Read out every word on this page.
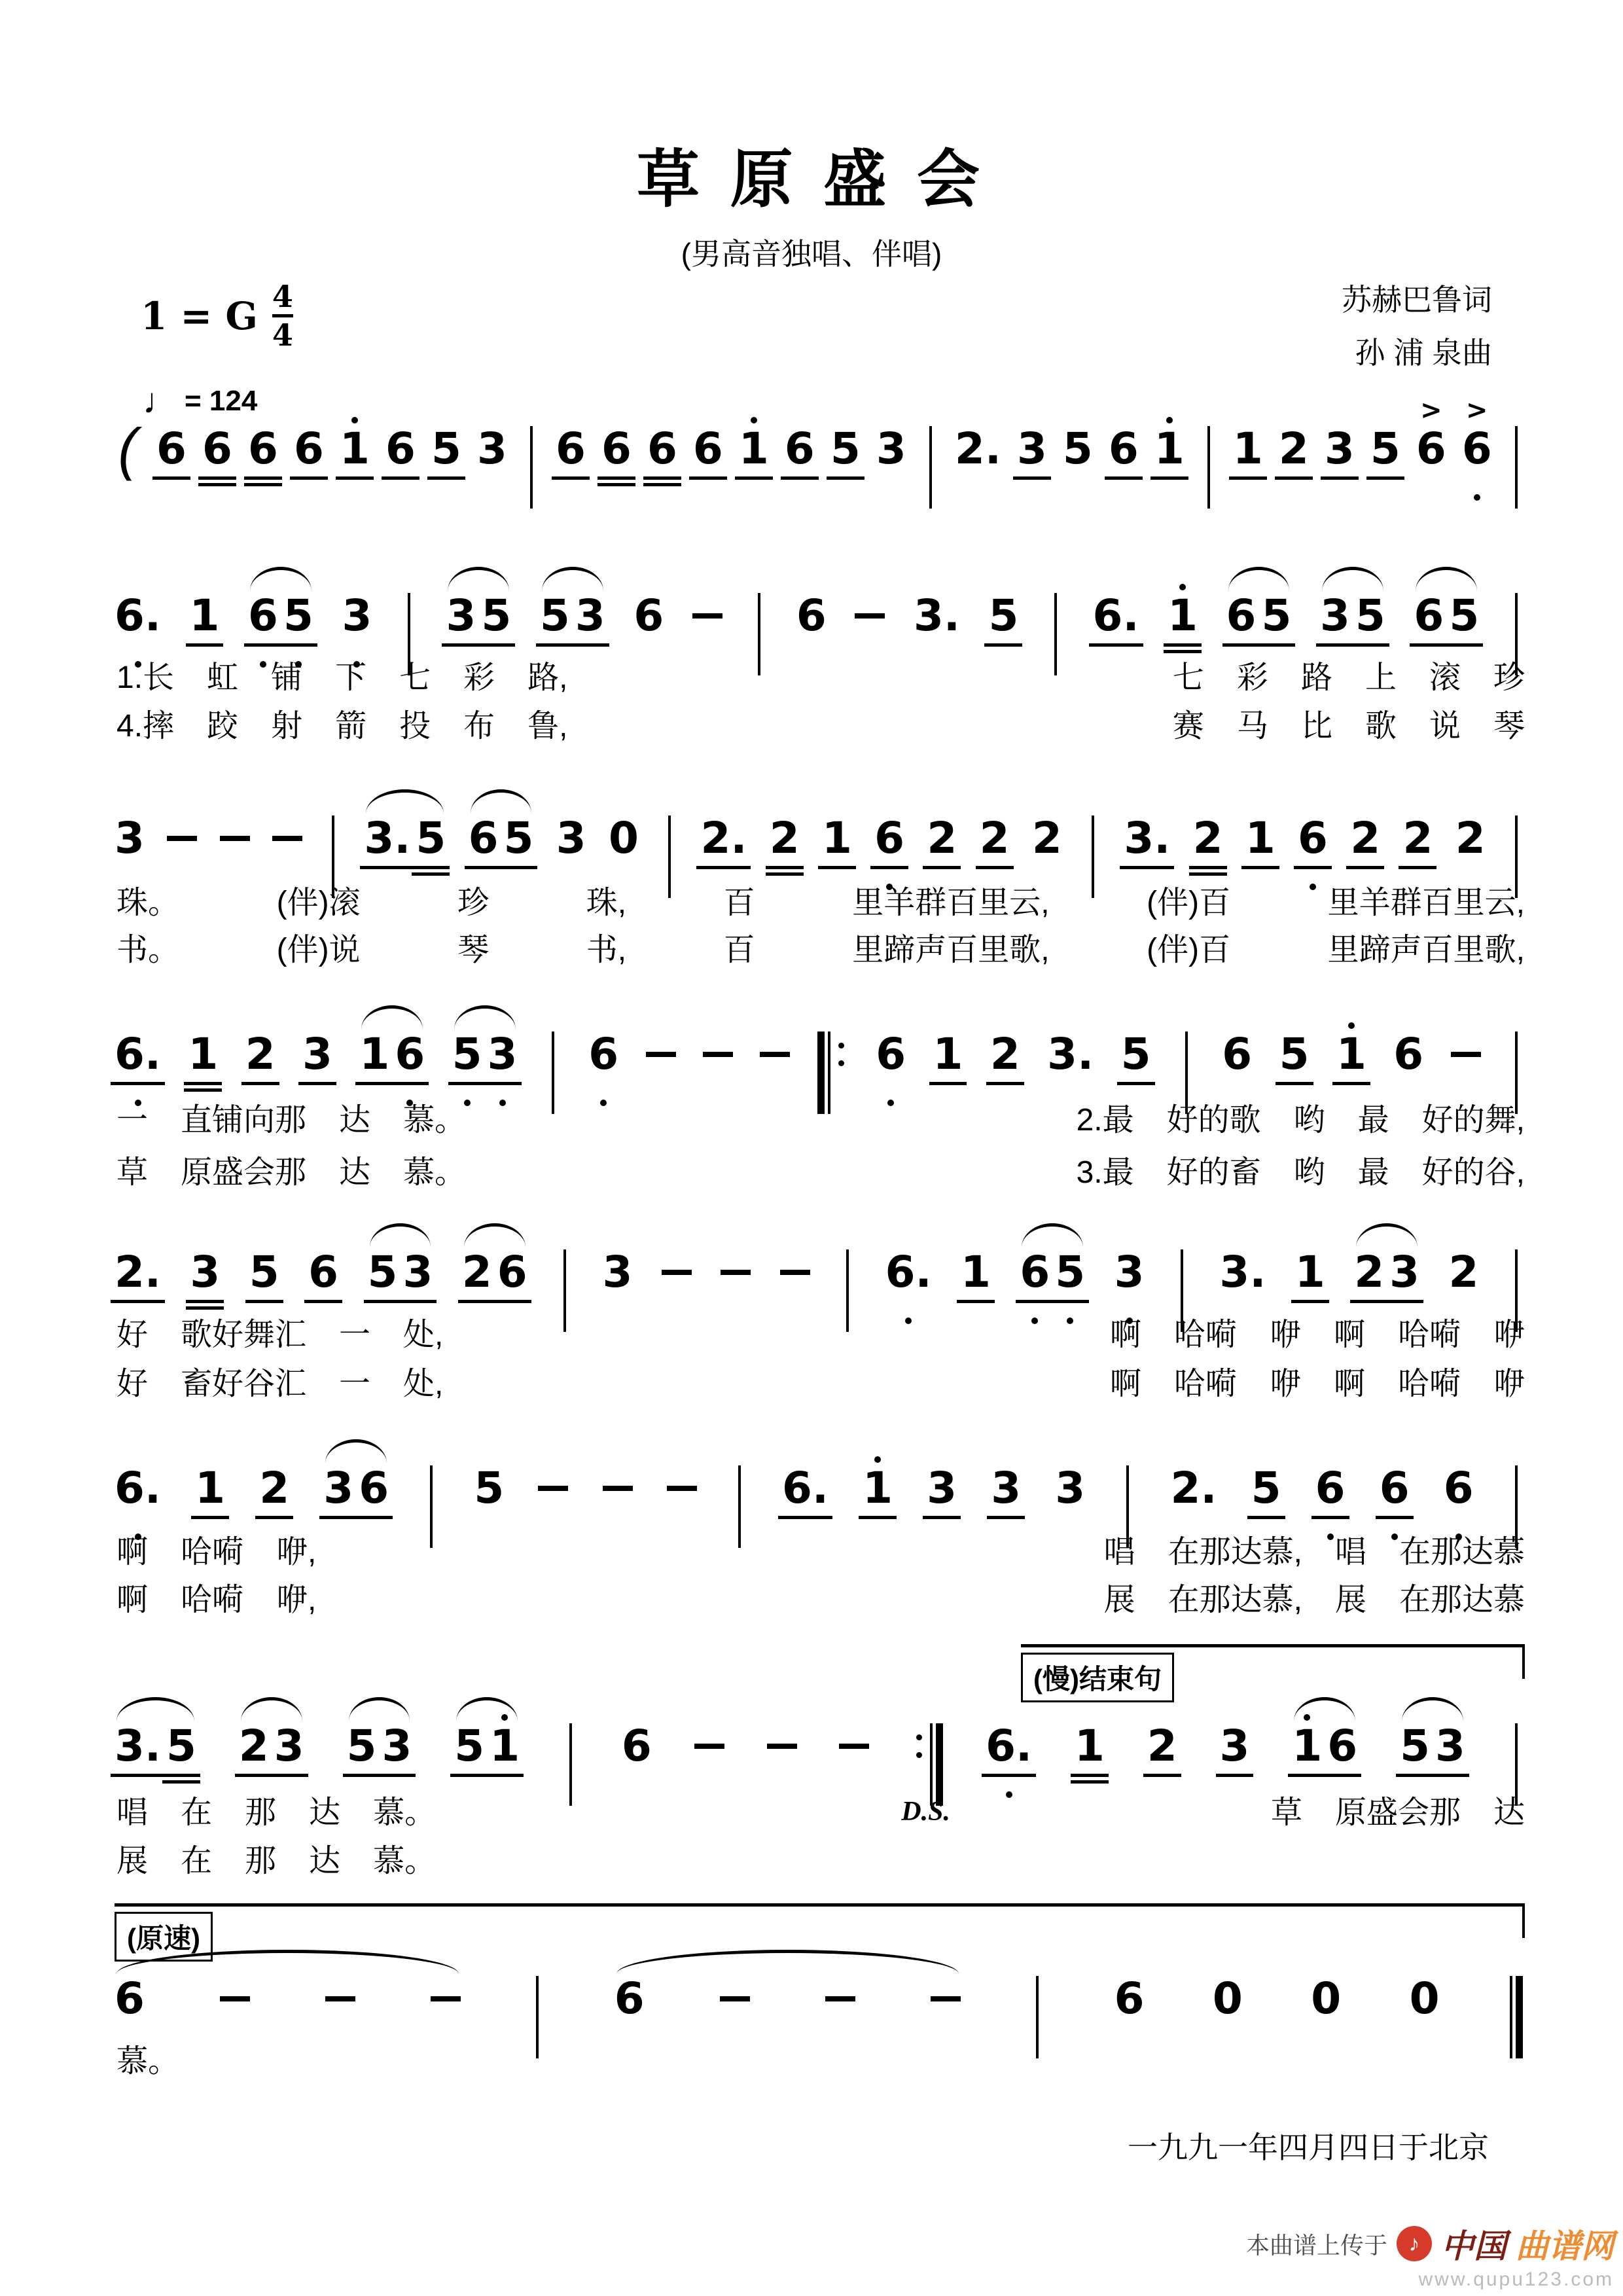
草 原 盛 会
(男高音独唱、伴唱)
1 = G 4
4
苏赫巴鲁词
孙 浦 泉曲
♩ = 124
(慢)结束句
(原速)
( 6 6 6 6 1 6 5 3 6 6 6 6 1 6 5 3 2. 3 5 6 1 1 2 3 5
>
6
>
6
6. 1 6 5 3 3 5 5 3 6	6 3. 5 6. 1 6 5 3 5 6 5
1.长 虹 铺 下 七 彩 路,	七 彩 路 上 滚 珍
4.摔 跤 射 箭 投 布 鲁,	赛 马 比 歌 说 琴
3	3. 5 6 5 3 0 2. 2 1 6 2 2 2 3. 2 1 6 2 2 2
珠。	(伴)滚	珍	珠,	百	里羊群百里云,	(伴)百	里羊群百里云,
书。	(伴)说	琴	书,	百	里蹄声百里歌,	(伴)百	里蹄声百里歌,
6. 1 2 3 1 6 5 3 6	6 1 2 3. 5 6 5 1 6
一 直铺向那 达 慕。	2.最 好的歌 哟 最 好的舞,
草 原盛会那 达 慕。	3.最 好的畜 哟 最 好的谷,
2. 3 5 6 5 3 2 6 3	6. 1 6 5 3 3. 1 2 3 2
好 歌好舞汇 一 处,	啊 哈嗬 咿 啊 哈嗬 咿
好 畜好谷汇 一 处,	啊 哈嗬 咿 啊 哈嗬 咿
6. 1 2 3 6 5	6. 1 3 3 3 2. 5 6 6 6
啊 哈嗬 咿,	唱 在那达慕, 唱 在那达慕
啊 哈嗬 咿,	展 在那达慕, 展 在那达慕
3. 5 2 3 5 3 5 1 6
D.S.
6. 1 2 3 1 6 5 3
唱 在 那 达 慕。	草 原盛会那 达
展 在 那 达 慕。
6	6	6 0 0 0
慕。
一九九一年四月四日于北京
本曲谱上传于 ♪ 中国 曲谱网
www.qupu123.com
